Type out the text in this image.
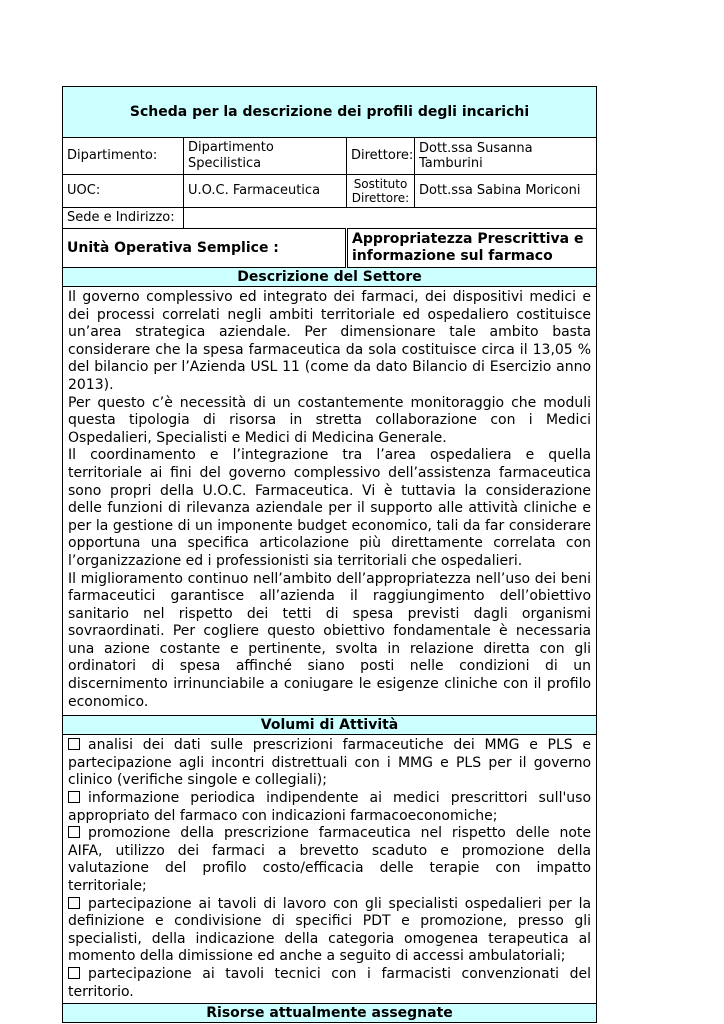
Scheda per la descrizione dei profili degli incarichi			
Dipartimento:	Dipartimento Specilistica	Direttore:	Dott.ssa Susanna Tamburini
UOC:	U.O.C. Farmaceutica	Sostituto Direttore:	Dott.ssa Sabina Moriconi
Sede e Indirizzo:			
Unità Operativa Semplice :		Appropriatezza Prescrittiva e informazione sul farmaco	
Descrizione del Settore			

Il governo complessivo ed integrato dei farmaci, dei dispositivi medici e dei processi correlati negli ambiti territoriale ed ospedaliero costituisce un’area strategica aziendale. Per dimensionare tale ambito basta considerare che la spesa farmaceutica da sola costituisce circa il 13,05 % del bilancio per l’Azienda USL 11 (come da dato Bilancio di Esercizio anno 2013).

Per questo c’è necessità di un costantemente monitoraggio che moduli questa tipologia di risorsa in stretta collaborazione con i Medici Ospedalieri, Specialisti e Medici di Medicina Generale.

Il coordinamento e l’integrazione tra l’area ospedaliera e quella territoriale ai fini del governo complessivo dell’assistenza farmaceutica sono propri della U.O.C. Farmaceutica. Vi è tuttavia la considerazione delle funzioni di rilevanza aziendale per il supporto alle attività cliniche e per la gestione di un imponente budget economico, tali da far considerare opportuna una specifica articolazione più direttamente correlata con l’organizzazione ed i professionisti sia territoriali che ospedalieri.

Il miglioramento continuo nell’ambito dell’appropriatezza nell’uso dei beni farmaceutici garantisce all’azienda il raggiungimento dell’obiettivo sanitario nel rispetto dei tetti di spesa previsti dagli organismi sovraordinati. Per cogliere questo obiettivo fondamentale è necessaria una azione costante e pertinente, svolta in relazione diretta con gli ordinatori di spesa affinché siano posti nelle condizioni di un discernimento irrinunciabile a coniugare le esigenze cliniche con il profilo economico.			

Volumi di Attività			

analisi dei dati sulle prescrizioni farmaceutiche dei MMG e PLS e partecipazione agli incontri distrettuali con i MMG e PLS per il governo clinico (verifiche singole e collegiali);
informazione periodica indipendente ai medici prescrittori sull'uso appropriato del farmaco con indicazioni farmacoeconomiche;
promozione della prescrizione farmaceutica nel rispetto delle note AIFA, utilizzo dei farmaci a brevetto scaduto e promozione della valutazione del profilo costo/efficacia delle terapie con impatto territoriale;
partecipazione ai tavoli di lavoro con gli specialisti ospedalieri per la definizione e condivisione di specifici PDT e promozione, presso gli specialisti, della indicazione della categoria omogenea terapeutica al momento della dimissione ed anche a seguito di accessi ambulatoriali;
partecipazione ai tavoli tecnici con i farmacisti convenzionati del territorio.			

Risorse attualmente assegnate			
